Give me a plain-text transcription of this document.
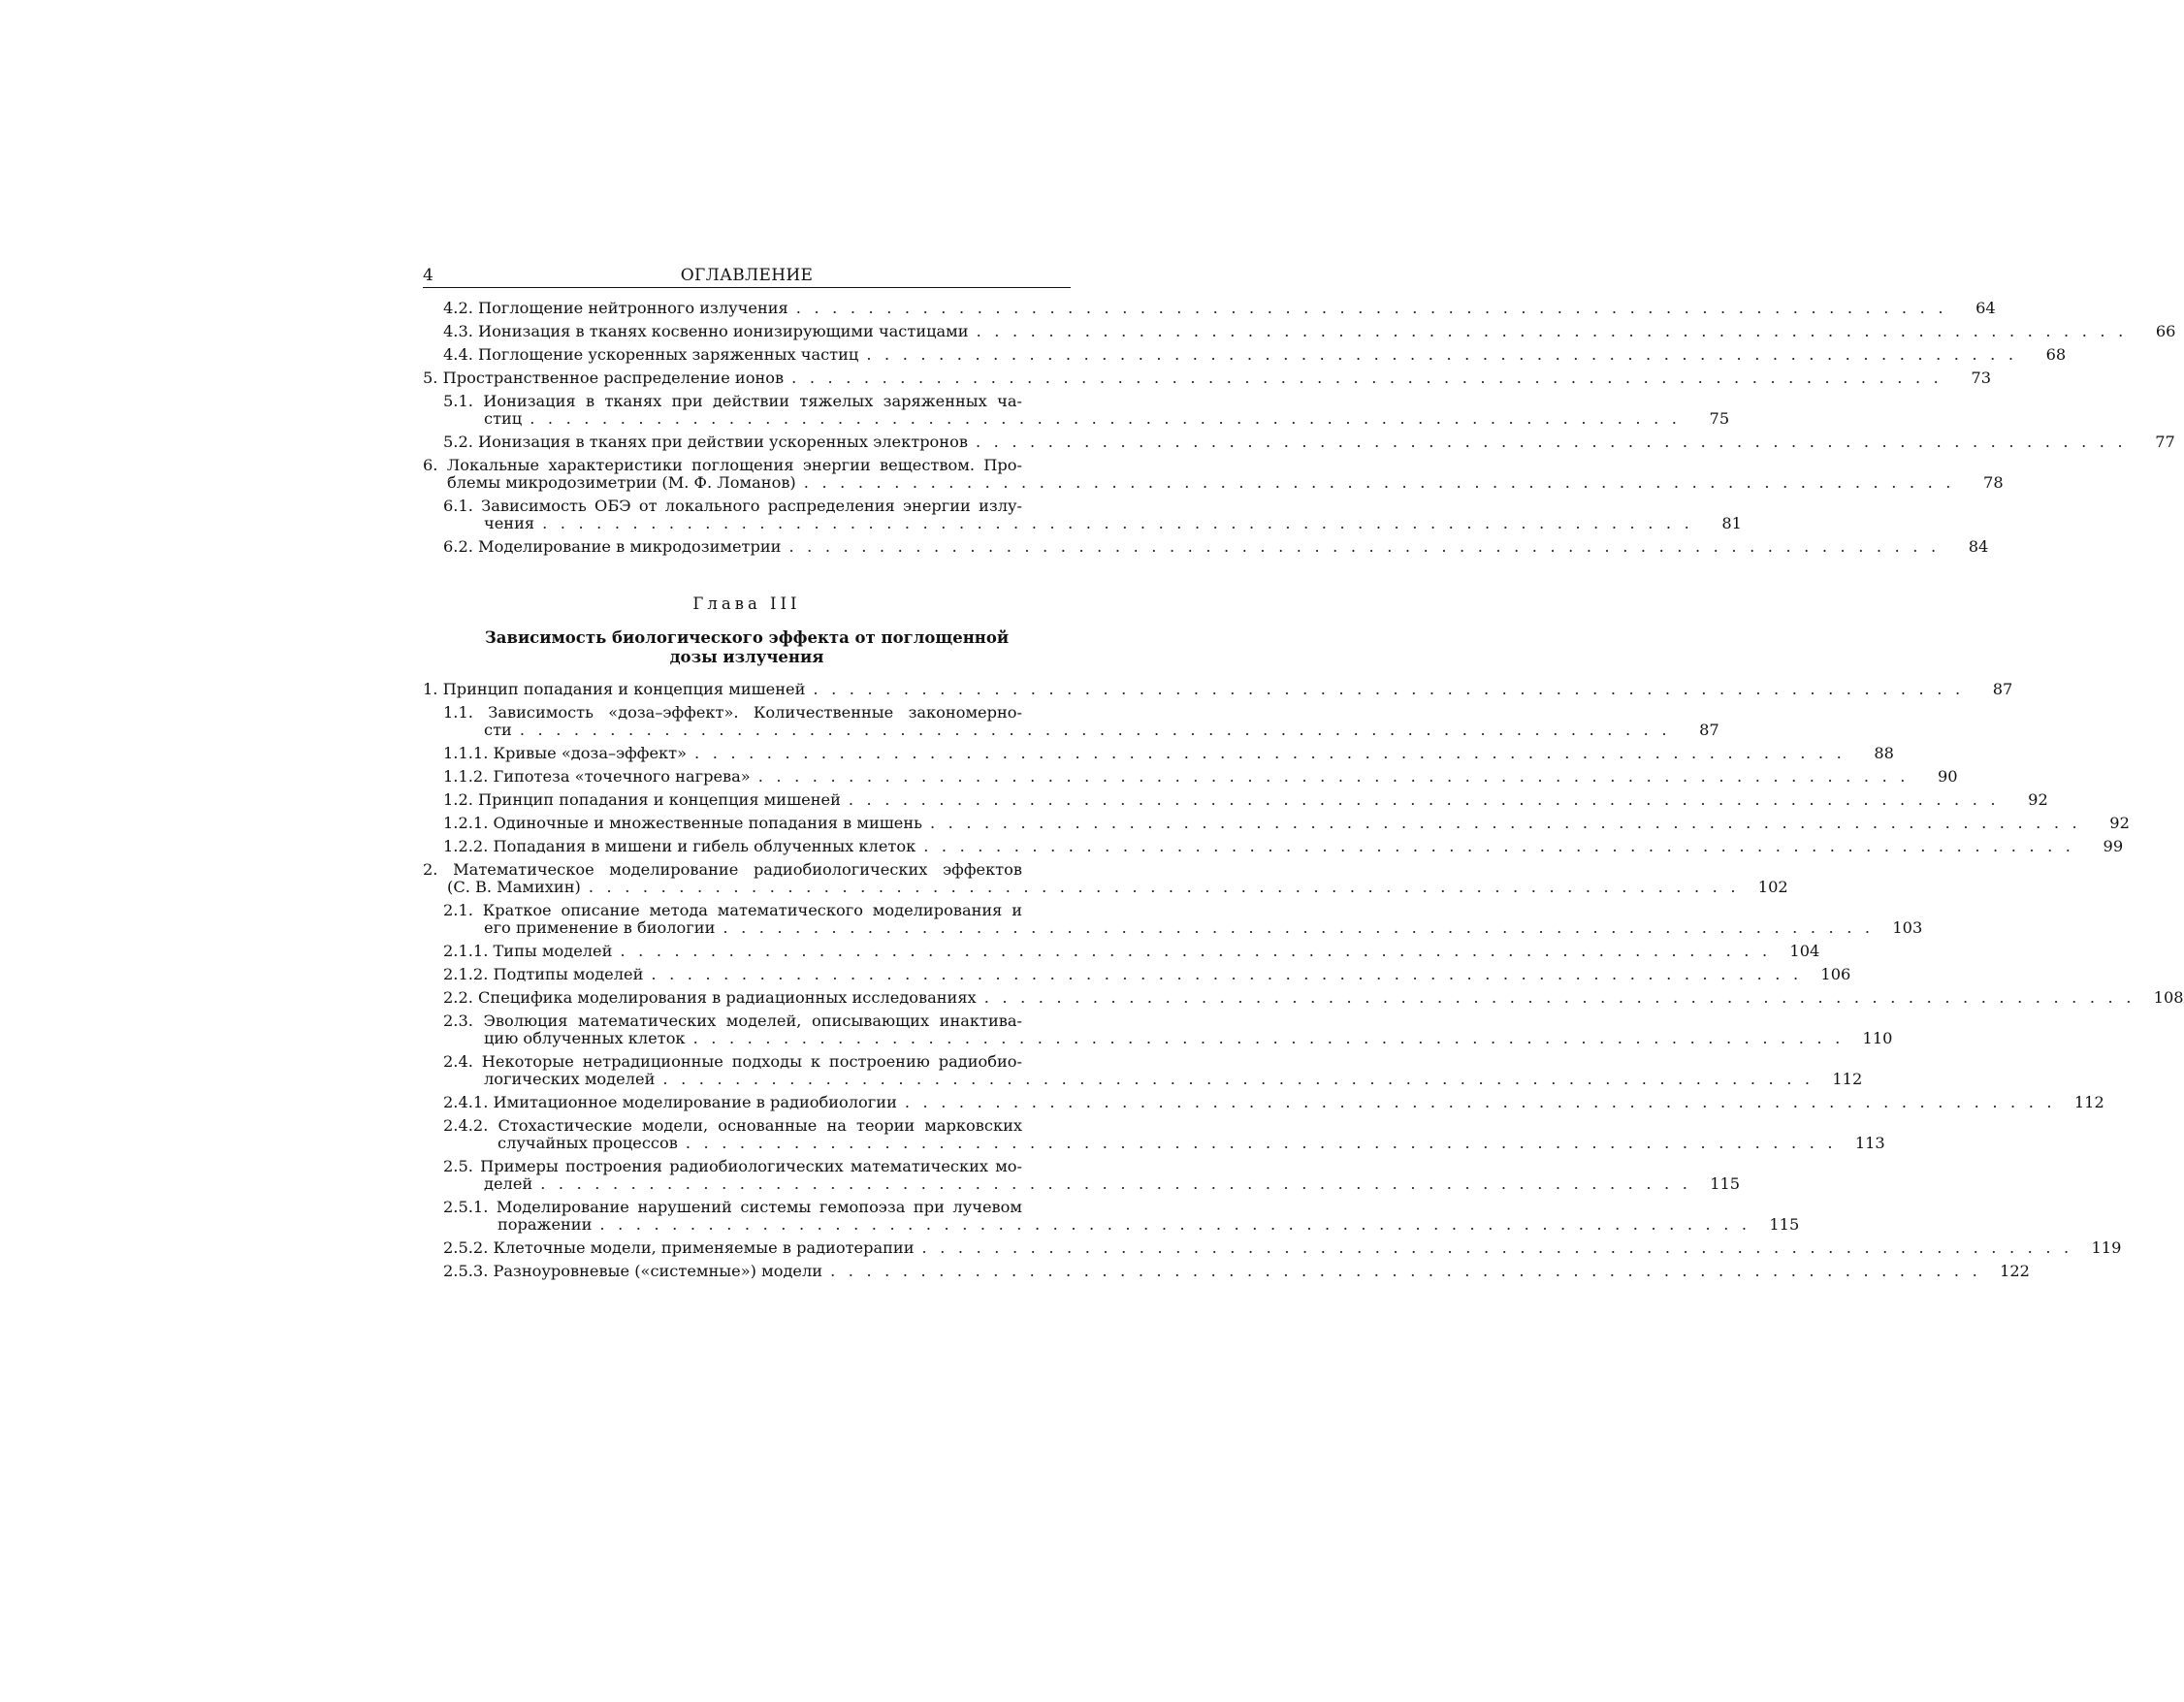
4	ОГЛАВЛЕНИЕ
4.2. Поглощение нейтронного излучения . . . . . . . . . . . . . . . . . . . . . . . . . . . . . . . . . . . . . . . . . . . . . . . . . . . . . . . . . . . . . . . .	64
4.3. Ионизация в тканях косвенно ионизирующими частицами . . . . . . . . . . . . . . . . . . . . . . . . . . . . . . . . . . . . . . . . . . . . . . . . . . . . . . . . . . . . . . . .	66
4.4. Поглощение ускоренных заряженных частиц . . . . . . . . . . . . . . . . . . . . . . . . . . . . . . . . . . . . . . . . . . . . . . . . . . . . . . . . . . . . . . . .	68
5. Пространственное распределение ионов . . . . . . . . . . . . . . . . . . . . . . . . . . . . . . . . . . . . . . . . . . . . . . . . . . . . . . . . . . . . . . . .	73
5.1. Ионизация в тканях при действии тяжелых заряженных ча-
стиц . . . . . . . . . . . . . . . . . . . . . . . . . . . . . . . . . . . . . . . . . . . . . . . . . . . . . . . . . . . . . . . .	75
5.2. Ионизация в тканях при действии ускоренных электронов . . . . . . . . . . . . . . . . . . . . . . . . . . . . . . . . . . . . . . . . . . . . . . . . . . . . . . . . . . . . . . . .	77
6. Локальные характеристики поглощения энергии веществом. Про-
блемы микродозиметрии (М. Ф. Ломанов) . . . . . . . . . . . . . . . . . . . . . . . . . . . . . . . . . . . . . . . . . . . . . . . . . . . . . . . . . . . . . . . .	78
6.1. Зависимость ОБЭ от локального распределения энергии излу-
чения . . . . . . . . . . . . . . . . . . . . . . . . . . . . . . . . . . . . . . . . . . . . . . . . . . . . . . . . . . . . . . . .	81
6.2. Моделирование в микродозиметрии . . . . . . . . . . . . . . . . . . . . . . . . . . . . . . . . . . . . . . . . . . . . . . . . . . . . . . . . . . . . . . . .	84
Глава III
Зависимость биологического эффекта от поглощенной
дозы излучения
1. Принцип попадания и концепция мишеней . . . . . . . . . . . . . . . . . . . . . . . . . . . . . . . . . . . . . . . . . . . . . . . . . . . . . . . . . . . . . . . .	87
1.1. Зависимость «доза–эффект». Количественные закономерно-
сти . . . . . . . . . . . . . . . . . . . . . . . . . . . . . . . . . . . . . . . . . . . . . . . . . . . . . . . . . . . . . . . .	87
1.1.1. Кривые «доза–эффект» . . . . . . . . . . . . . . . . . . . . . . . . . . . . . . . . . . . . . . . . . . . . . . . . . . . . . . . . . . . . . . . .	88
1.1.2. Гипотеза «точечного нагрева» . . . . . . . . . . . . . . . . . . . . . . . . . . . . . . . . . . . . . . . . . . . . . . . . . . . . . . . . . . . . . . . .	90
1.2. Принцип попадания и концепция мишеней . . . . . . . . . . . . . . . . . . . . . . . . . . . . . . . . . . . . . . . . . . . . . . . . . . . . . . . . . . . . . . . .	92
1.2.1. Одиночные и множественные попадания в мишень . . . . . . . . . . . . . . . . . . . . . . . . . . . . . . . . . . . . . . . . . . . . . . . . . . . . . . . . . . . . . . . .	92
1.2.2. Попадания в мишени и гибель облученных клеток . . . . . . . . . . . . . . . . . . . . . . . . . . . . . . . . . . . . . . . . . . . . . . . . . . . . . . . . . . . . . . . .	99
2. Математическое моделирование радиобиологических эффектов
(С. В. Мамихин) . . . . . . . . . . . . . . . . . . . . . . . . . . . . . . . . . . . . . . . . . . . . . . . . . . . . . . . . . . . . . . . .	102
2.1. Краткое описание метода математического моделирования и
его применение в биологии . . . . . . . . . . . . . . . . . . . . . . . . . . . . . . . . . . . . . . . . . . . . . . . . . . . . . . . . . . . . . . . .	103
2.1.1. Типы моделей . . . . . . . . . . . . . . . . . . . . . . . . . . . . . . . . . . . . . . . . . . . . . . . . . . . . . . . . . . . . . . . .	104
2.1.2. Подтипы моделей . . . . . . . . . . . . . . . . . . . . . . . . . . . . . . . . . . . . . . . . . . . . . . . . . . . . . . . . . . . . . . . .	106
2.2. Специфика моделирования в радиационных исследованиях . . . . . . . . . . . . . . . . . . . . . . . . . . . . . . . . . . . . . . . . . . . . . . . . . . . . . . . . . . . . . . . .	108
2.3. Эволюция математических моделей, описывающих инактива-
цию облученных клеток . . . . . . . . . . . . . . . . . . . . . . . . . . . . . . . . . . . . . . . . . . . . . . . . . . . . . . . . . . . . . . . .	110
2.4. Некоторые нетрадиционные подходы к построению радиобио-
логических моделей . . . . . . . . . . . . . . . . . . . . . . . . . . . . . . . . . . . . . . . . . . . . . . . . . . . . . . . . . . . . . . . .	112
2.4.1. Имитационное моделирование в радиобиологии . . . . . . . . . . . . . . . . . . . . . . . . . . . . . . . . . . . . . . . . . . . . . . . . . . . . . . . . . . . . . . . .	112
2.4.2. Стохастические модели, основанные на теории марковских
случайных процессов . . . . . . . . . . . . . . . . . . . . . . . . . . . . . . . . . . . . . . . . . . . . . . . . . . . . . . . . . . . . . . . .	113
2.5. Примеры построения радиобиологических математических мо-
делей . . . . . . . . . . . . . . . . . . . . . . . . . . . . . . . . . . . . . . . . . . . . . . . . . . . . . . . . . . . . . . . .	115
2.5.1. Моделирование нарушений системы гемопоэза при лучевом
поражении . . . . . . . . . . . . . . . . . . . . . . . . . . . . . . . . . . . . . . . . . . . . . . . . . . . . . . . . . . . . . . . .	115
2.5.2. Клеточные модели, применяемые в радиотерапии . . . . . . . . . . . . . . . . . . . . . . . . . . . . . . . . . . . . . . . . . . . . . . . . . . . . . . . . . . . . . . . .	119
2.5.3. Разноуровневые («системные») модели . . . . . . . . . . . . . . . . . . . . . . . . . . . . . . . . . . . . . . . . . . . . . . . . . . . . . . . . . . . . . . . .	122
